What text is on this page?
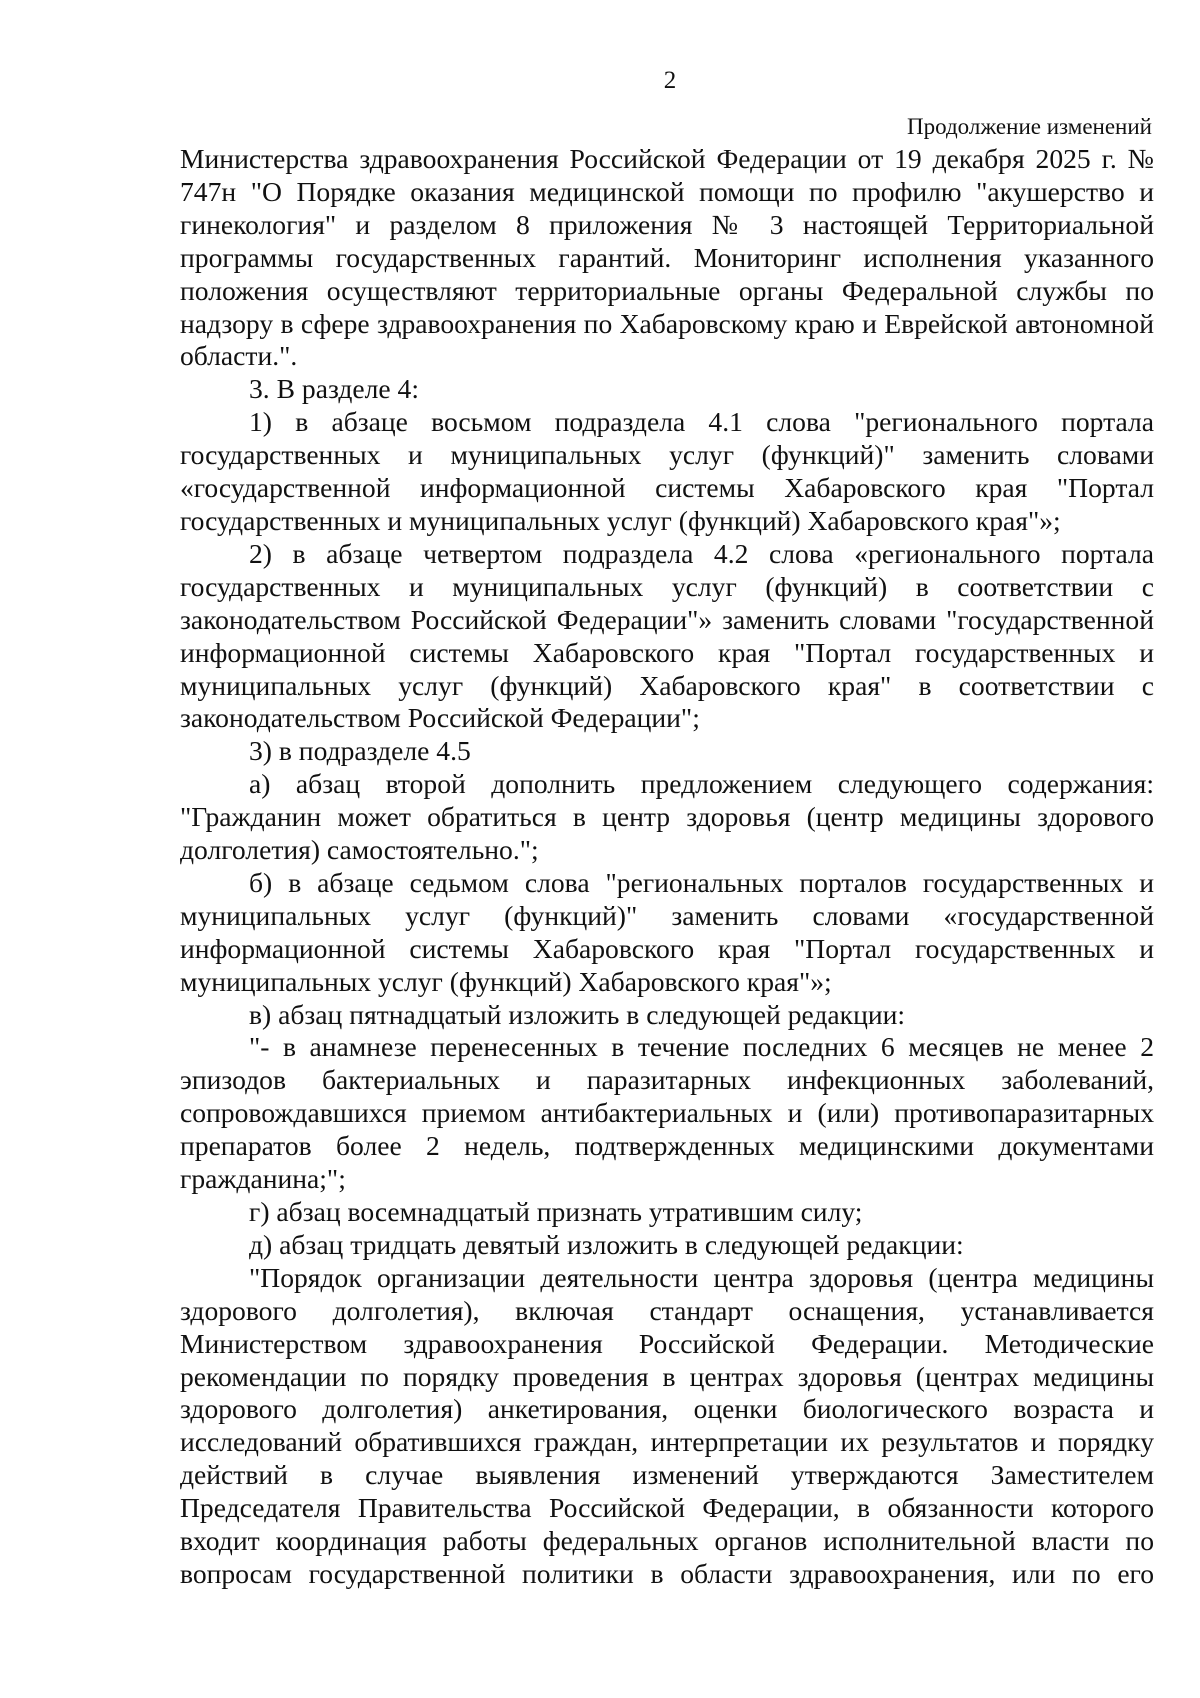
2
Продолжение изменений

Министерства здравоохранения Российской Федерации от 19 декабря 2025 г. № 747н "О Порядке оказания медицинской помощи по профилю "акушерство и гинекология" и разделом 8 приложения № 3 настоящей Территориальной программы государственных гарантий. Мониторинг исполнения указанного положения осуществляют территориальные органы Федеральной службы по надзору в сфере здравоохранения по Хабаровскому краю и Еврейской автономной области.".

3. В разделе 4:

1) в абзаце восьмом подраздела 4.1 слова "регионального портала государственных и муниципальных услуг (функций)" заменить словами «государственной информационной системы Хабаровского края "Портал государственных и муниципальных услуг (функций) Хабаровского края"»;

2) в абзаце четвертом подраздела 4.2 слова «регионального портала государственных и муниципальных услуг (функций) в соответствии с законодательством Российской Федерации"» заменить словами "государственной информационной системы Хабаровского края "Портал государственных и муниципальных услуг (функций) Хабаровского края" в соответствии с законодательством Российской Федерации";

3) в подразделе 4.5

а) абзац второй дополнить предложением следующего содержания: "Гражданин может обратиться в центр здоровья (центр медицины здорового долголетия) самостоятельно.";

б) в абзаце седьмом слова "региональных порталов государственных и муниципальных услуг (функций)" заменить словами «государственной информационной системы Хабаровского края "Портал государственных и муниципальных услуг (функций) Хабаровского края"»;

в) абзац пятнадцатый изложить в следующей редакции:

"- в анамнезе перенесенных в течение последних 6 месяцев не менее 2 эпизодов бактериальных и паразитарных инфекционных заболеваний, сопровождавшихся приемом антибактериальных и (или) противопаразитарных препаратов более 2 недель, подтвержденных медицинскими документами гражданина;";

г) абзац восемнадцатый признать утратившим силу;

д) абзац тридцать девятый изложить в следующей редакции:

"Порядок организации деятельности центра здоровья (центра медицины здорового долголетия), включая стандарт оснащения, устанавливается Министерством здравоохранения Российской Федерации. Методические рекомендации по порядку проведения в центрах здоровья (центрах медицины здорового долголетия) анкетирования, оценки биологического возраста и исследований обратившихся граждан, интерпретации их результатов и порядку действий в случае выявления изменений утверждаются Заместителем Председателя Правительства Российской Федерации, в обязанности которого входит координация работы федеральных органов исполнительной власти по вопросам государственной политики в области здравоохранения, или по его
